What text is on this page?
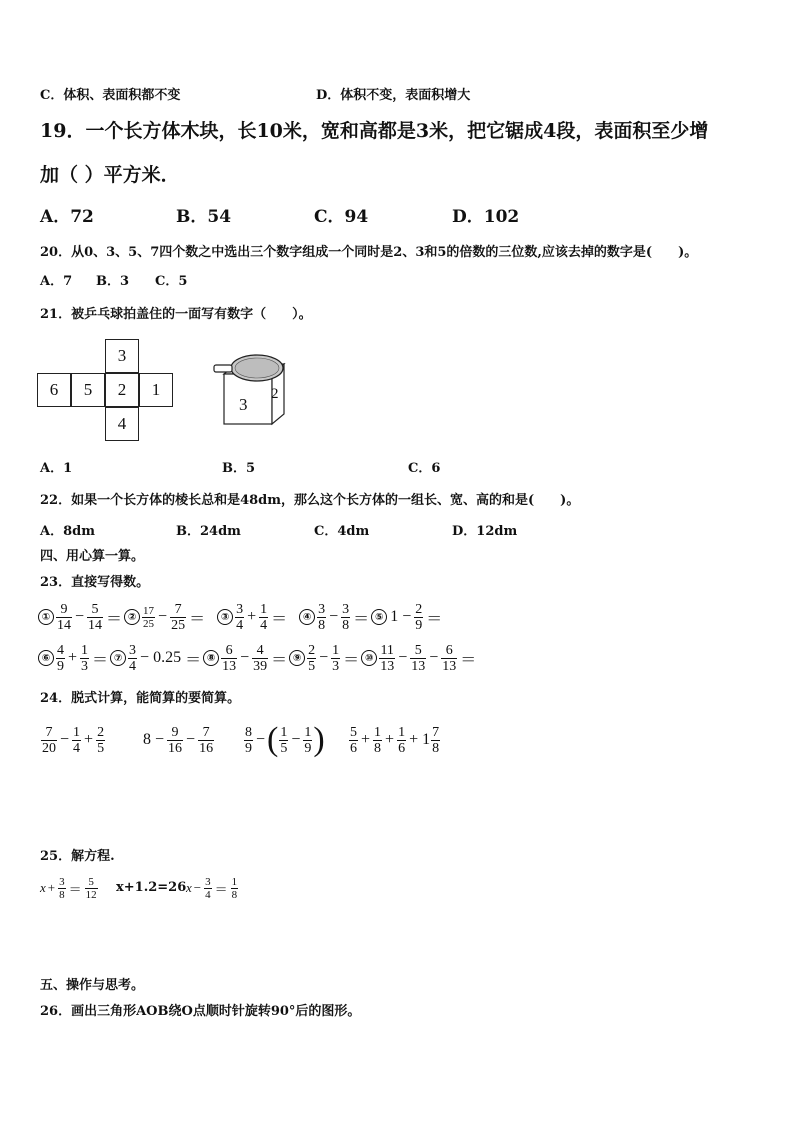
C．体积、表面积都不变	D．体积不变，表面积增大
19．一个长方体木块，长10米，宽和高都是3米，把它锯成4段，表面积至少增
加（ ）平方米．
A．72	B．54	C．94	D．102
20．从0、3、5、7四个数之中选出三个数字组成一个同时是2、3和5的倍数的三位数,应该去掉的数字是(　　)。
A．7 B．3 C．5
21．被乒乓球拍盖住的一面写有数字（　　）。
3
6	5	2	1
4
3
2
A．1	B．5	C．6
22．如果一个长方体的棱长总和是48dm，那么这个长方体的一组长、宽、高的和是(　　)。
A．8dm	B．24dm	C．4dm	D．12dm
四、用心算一算。
23．直接写得数。
① $\frac{9}{14} - \frac{5}{14}$ ＝ ② $\frac{17}{25} - \frac{7}{25}$ ＝	③ $\frac{3}{4} + \frac{1}{4}$ ＝	④ $\frac{3}{8} - \frac{3}{8}$ ＝ ⑤ $1 - \frac{2}{9}$ ＝
⑥ $\frac{4}{9} + \frac{1}{3}$ ＝ ⑦ $\frac{3}{4} - 0.25$ ＝ ⑧ $\frac{6}{13} - \frac{4}{39}$ ＝ ⑨ $\frac{2}{5} - \frac{1}{3}$ ＝ ⑩ $\frac{11}{13} - \frac{5}{13} - \frac{6}{13}$ ＝
24．脱式计算，能简算的要简算。
$\frac{7}{20} - \frac{1}{4} + \frac{2}{5} 8 - \frac{9}{16} - \frac{7}{16} \frac{8}{9}$ − ( $\frac{1}{5} - \frac{1}{9}$ ) $\frac{5}{6} + \frac{1}{8} + \frac{1}{6} + 1 \frac{7}{8}$
25．解方程.
$x + \frac{3}{8} = \frac{5}{12} x+1.2=26$ $x - \frac{3}{4} = \frac{1}{8}$
五、操作与思考。
26．画出三角形AOB绕O点顺时针旋转90°后的图形。
